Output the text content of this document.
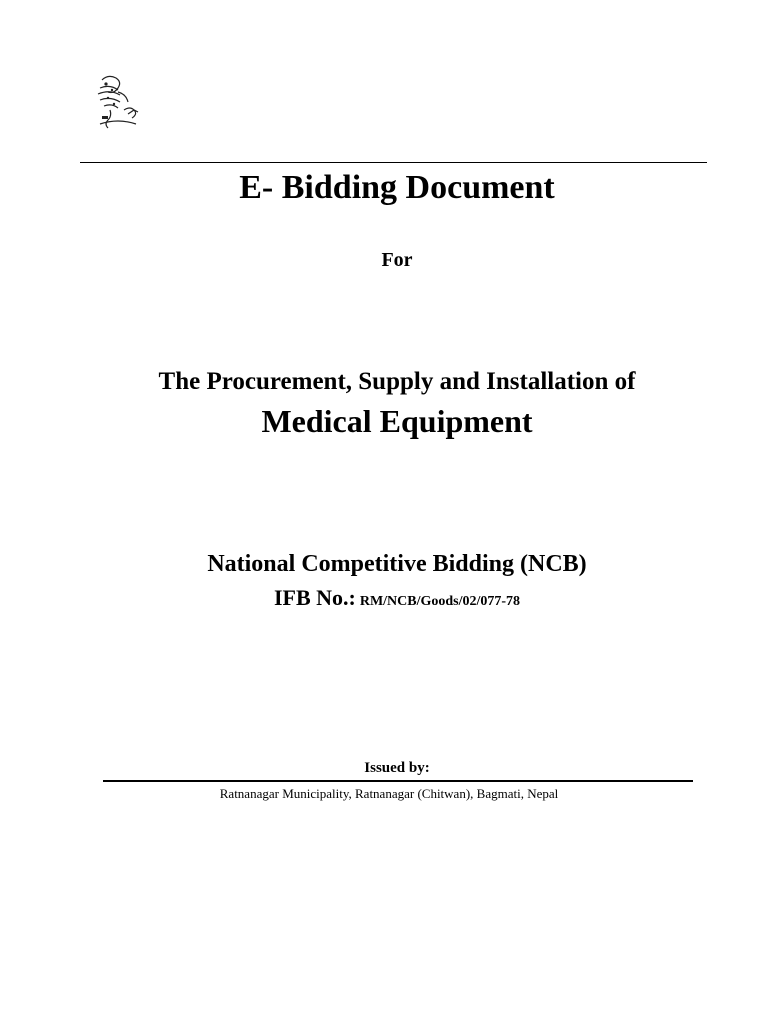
E- Bidding Document
For
The Procurement, Supply and Installation of
Medical Equipment
National Competitive Bidding (NCB)
IFB No.: RM/NCB/Goods/02/077-78
Issued by:
Ratnanagar Municipality, Ratnanagar (Chitwan), Bagmati, Nepal
